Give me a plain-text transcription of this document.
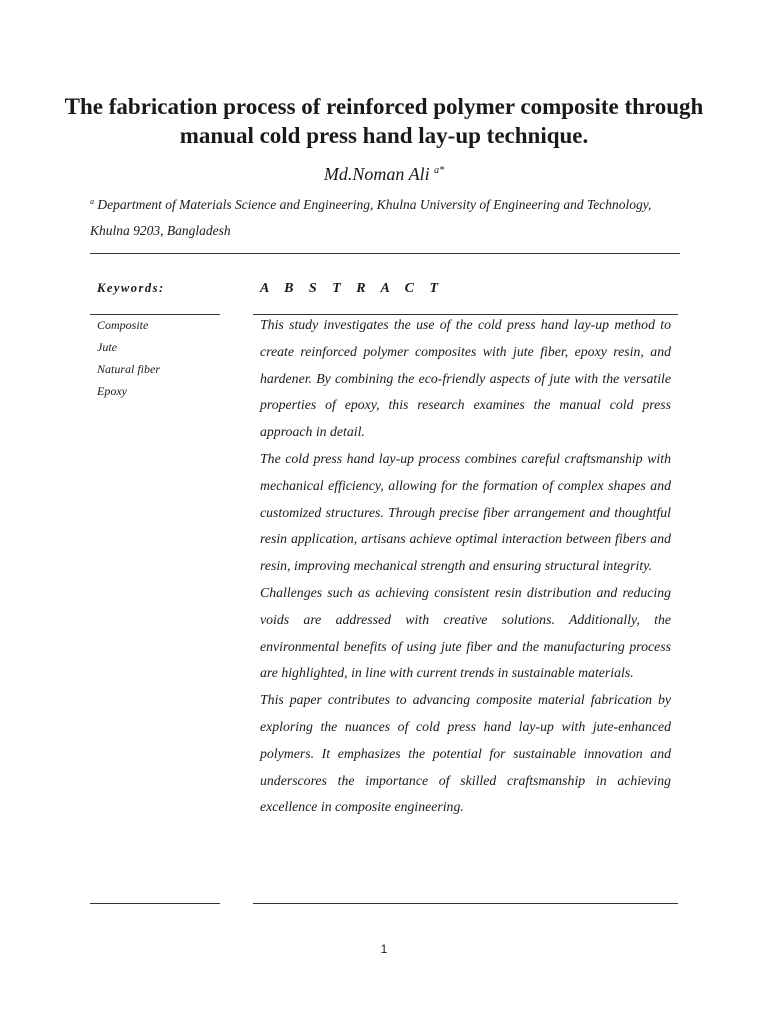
The fabrication process of reinforced polymer composite through manual cold press hand lay-up technique.
Md.Noman Ali $^{a*}$
$^a$ Department of Materials Science and Engineering, Khulna University of Engineering and Technology, Khulna 9203, Bangladesh
Keywords:	A B S T R A C T
Composite
Jute
Natural fiber
Epoxy

This study investigates the use of the cold press hand lay-up method to create reinforced polymer composites with jute fiber, epoxy resin, and hardener. By combining the eco-friendly aspects of jute with the versatile properties of epoxy, this research examines the manual cold press approach in detail.

The cold press hand lay-up process combines careful craftsmanship with mechanical efficiency, allowing for the formation of complex shapes and customized structures. Through precise fiber arrangement and thoughtful resin application, artisans achieve optimal interaction between fibers and resin, improving mechanical strength and ensuring structural integrity.

Challenges such as achieving consistent resin distribution and reducing voids are addressed with creative solutions. Additionally, the environmental benefits of using jute fiber and the manufacturing process are highlighted, in line with current trends in sustainable materials.

This paper contributes to advancing composite material fabrication by exploring the nuances of cold press hand lay-up with jute-enhanced polymers. It emphasizes the potential for sustainable innovation and underscores the importance of skilled craftsmanship in achieving excellence in composite engineering.

1
